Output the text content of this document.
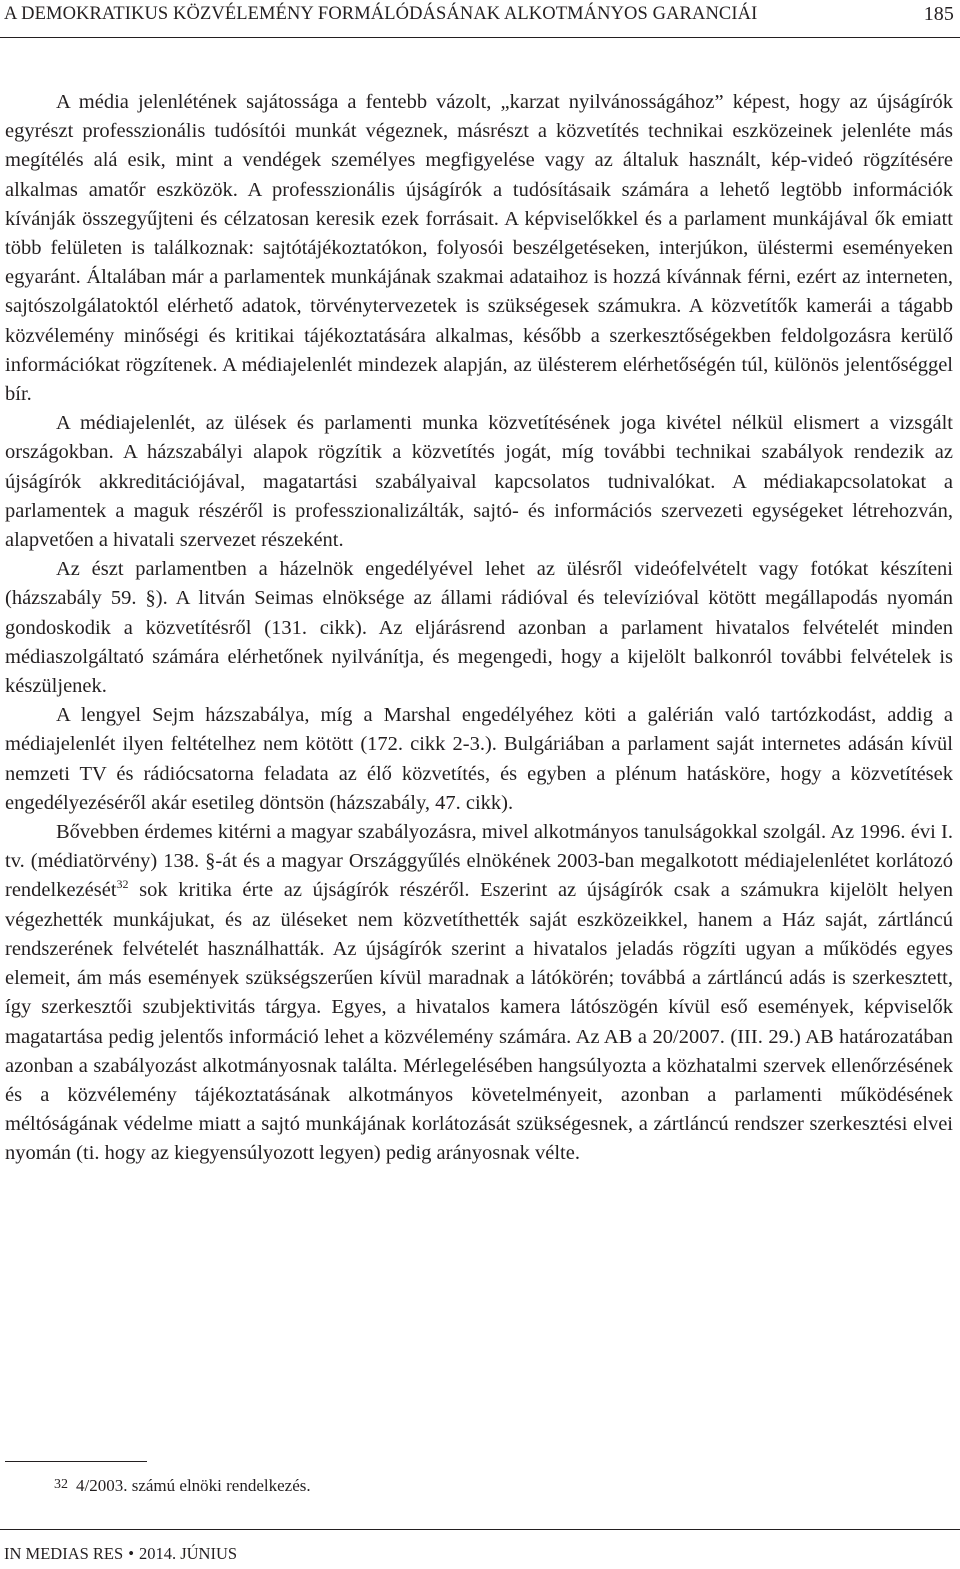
A DEMOKRATIKUS KÖZVÉLEMÉNY FORMÁLÓDÁSÁNAK ALKOTMÁNYOS GARANCIÁI	185

A média jelenlétének sajátossága a fentebb vázolt, „karzat nyilvánosságához” képest, hogy az újságírók egyrészt professzionális tudósítói munkát végeznek, másrészt a közvetítés technikai eszközeinek jelenléte más megítélés alá esik, mint a vendégek személyes megfigyelése vagy az általuk használt, kép-videó rögzítésére alkalmas amatőr eszközök. A professzionális újságírók a tudósításaik számára a lehető legtöbb információk kívánják összegyűjteni és célzatosan keresik ezek forrásait. A képviselőkkel és a parlament munkájával ők emiatt több felületen is találkoznak: sajtótájékoztatókon, folyosói beszélgetéseken, interjúkon, üléstermi eseményeken egyaránt. Általában már a parlamentek munkájának szakmai adataihoz is hozzá kívánnak férni, ezért az interneten, sajtószolgálatoktól elérhető adatok, törvénytervezetek is szükségesek számukra. A közvetítők kamerái a tágabb közvélemény minőségi és kritikai tájékoztatására alkalmas, később a szerkesztőségekben feldolgozásra kerülő információkat rögzítenek. A médiajelenlét mindezek alapján, az ülésterem elérhetőségén túl, különös jelentőséggel bír.

A médiajelenlét, az ülések és parlamenti munka közvetítésének joga kivétel nélkül elismert a vizsgált országokban. A házszabályi alapok rögzítik a közvetítés jogát, míg további technikai szabályok rendezik az újságírók akkreditációjával, magatartási szabályaival kapcsolatos tudnivalókat. A médiakapcsolatokat a parlamentek a maguk részéről is professzionalizálták, sajtó- és információs szervezeti egységeket létrehozván, alapvetően a hivatali szervezet részeként.

Az észt parlamentben a házelnök engedélyével lehet az ülésről videófelvételt vagy fotókat készíteni (házszabály 59. §). A litván Seimas elnöksége az állami rádióval és televízióval kötött megállapodás nyomán gondoskodik a közvetítésről (131. cikk). Az eljárásrend azonban a parlament hivatalos felvételét minden médiaszolgáltató számára elérhetőnek nyilvánítja, és megengedi, hogy a kijelölt balkonról további felvételek is készüljenek.

A lengyel Sejm házszabálya, míg a Marshal engedélyéhez köti a galérián való tartózkodást, addig a médiajelenlét ilyen feltételhez nem kötött (172. cikk 2-3.). Bulgáriában a parlament saját internetes adásán kívül nemzeti TV és rádiócsatorna feladata az élő közvetítés, és egyben a plénum hatásköre, hogy a közvetítések engedélyezéséről akár esetileg döntsön (házszabály, 47. cikk).

Bővebben érdemes kitérni a magyar szabályozásra, mivel alkotmányos tanulságokkal szolgál. Az 1996. évi I. tv. (médiatörvény) 138. §-át és a magyar Országgyűlés elnökének 2003-ban megalkotott médiajelenlétet korlátozó rendelkezését$^{32}$ sok kritika érte az újságírók részéről. Eszerint az újságírók csak a számukra kijelölt helyen végezhették munkájukat, és az üléseket nem közvetíthették saját eszközeikkel, hanem a Ház saját, zártláncú rendszerének felvételét használhatták. Az újságírók szerint a hivatalos jeladás rögzíti ugyan a működés egyes elemeit, ám más események szükségszerűen kívül maradnak a látókörén; továbbá a zártláncú adás is szerkesztett, így szerkesztői szubjektivitás tárgya. Egyes, a hivatalos kamera látószögén kívül eső események, képviselők magatartása pedig jelentős információ lehet a közvélemény számára. Az AB a 20/2007. (III. 29.) AB határozatában azonban a szabályozást alkotmányosnak találta. Mérlegelésében hangsúlyozta a közhatalmi szervek ellenőrzésének és a közvélemény tájékoztatásának alkotmányos követelményeit, azonban a parlamenti működésének méltóságának védelme miatt a sajtó munkájának korlátozását szükségesnek, a zártláncú rendszer szerkesztési elvei nyomán (ti. hogy az kiegyensúlyozott legyen) pedig arányosnak vélte.

32 4/2003. számú elnöki rendelkezés.
IN MEDIAS RES • 2014. JÚNIUS
